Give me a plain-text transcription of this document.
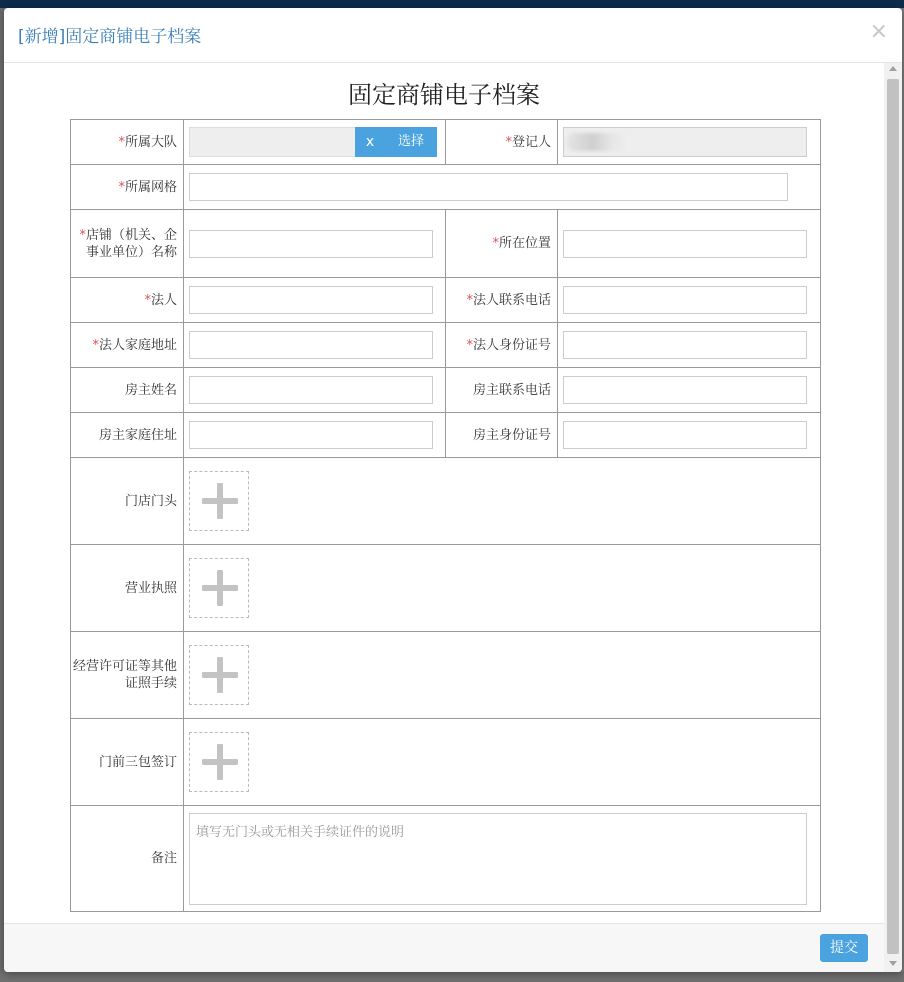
[新增]固定商铺电子档案	×
固定商铺电子档案
*所属大队	x 选择	*登记人	

*所属网格			

*店铺（机关、企事业单位）名称		*所在位置	

*法人		*法人联系电话	

*法人家庭地址		*法人身份证号	

房主姓名		房主联系电话	

房主家庭住址		房主身份证号	

门店门头			

营业执照			

经营许可证等其他证照手续			

门前三包签订			

备注	填写无门头或无相关手续证件的说明		
提交
